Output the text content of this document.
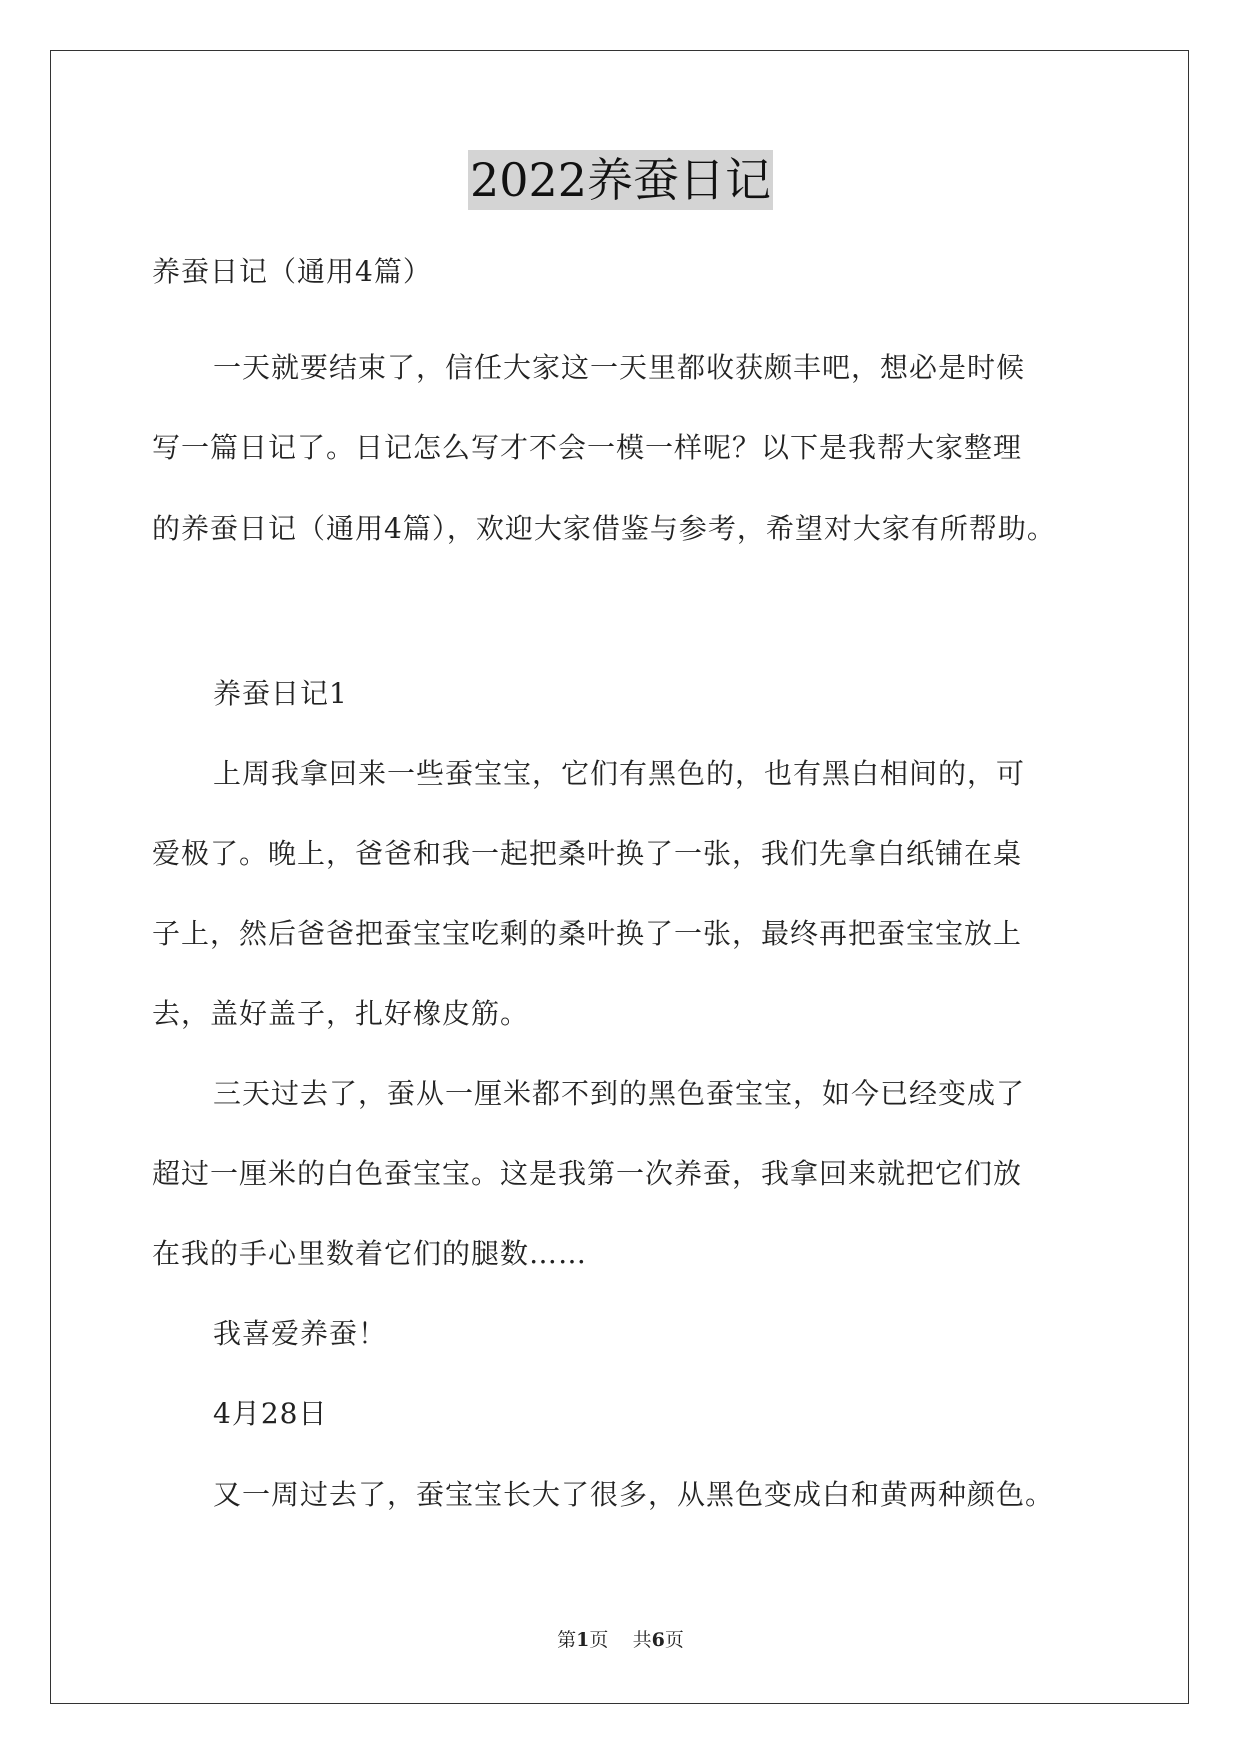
2022养蚕日记
养蚕日记（通用4篇）
一天就要结束了，信任大家这一天里都收获颇丰吧，想必是时候
写一篇日记了。日记怎么写才不会一模一样呢？以下是我帮大家整理
的养蚕日记（通用4篇），欢迎大家借鉴与参考，希望对大家有所帮助。
养蚕日记1
上周我拿回来一些蚕宝宝，它们有黑色的，也有黑白相间的，可
爱极了。晚上，爸爸和我一起把桑叶换了一张，我们先拿白纸铺在桌
子上，然后爸爸把蚕宝宝吃剩的桑叶换了一张，最终再把蚕宝宝放上
去，盖好盖子，扎好橡皮筋。
三天过去了，蚕从一厘米都不到的黑色蚕宝宝，如今已经变成了
超过一厘米的白色蚕宝宝。这是我第一次养蚕，我拿回来就把它们放
在我的手心里数着它们的腿数……
我喜爱养蚕！
4月28日
又一周过去了，蚕宝宝长大了很多，从黑色变成白和黄两种颜色。
第1页 共6页
